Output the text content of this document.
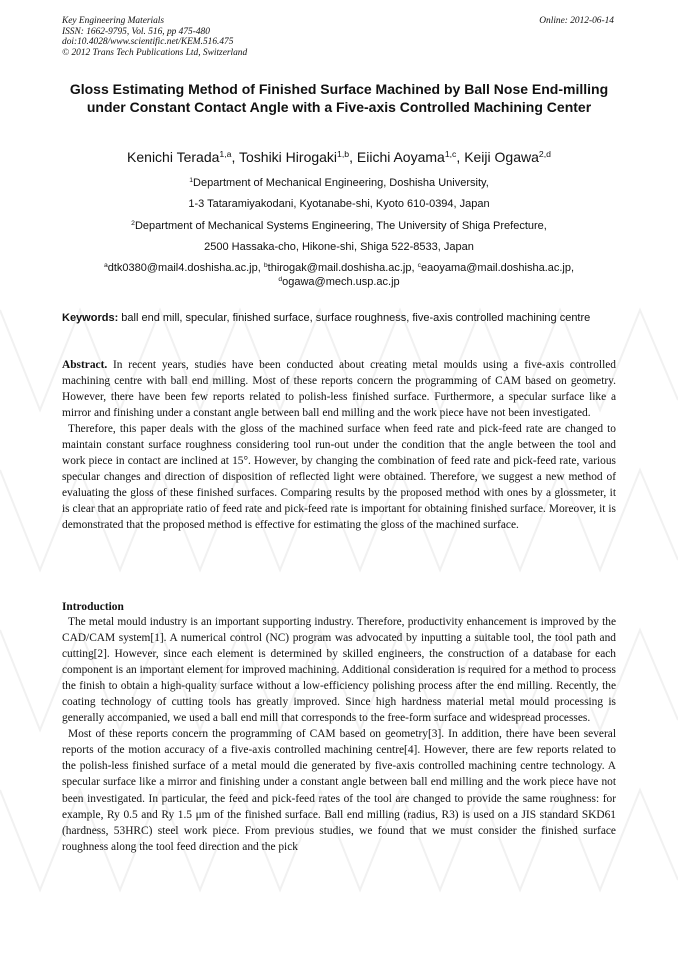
Key Engineering Materials
ISSN: 1662-9795, Vol. 516, pp 475-480
doi:10.4028/www.scientific.net/KEM.516.475
© 2012 Trans Tech Publications Ltd, Switzerland
Online: 2012-06-14
Gloss Estimating Method of Finished Surface Machined by Ball Nose End-milling under Constant Contact Angle with a Five-axis Controlled Machining Center
Kenichi Terada$^{1,a}$, Toshiki Hirogaki$^{1,b}$, Eiichi Aoyama$^{1,c}$, Keiji Ogawa$^{2,d}$
$^1$Department of Mechanical Engineering, Doshisha University,
1-3 Tataramiyakodani, Kyotanabe-shi, Kyoto 610-0394, Japan
$^2$Department of Mechanical Systems Engineering, The University of Shiga Prefecture,
2500 Hassaka-cho, Hikone-shi, Shiga 522-8533, Japan
$^a$dtk0380@mail4.doshisha.ac.jp, $^b$thirogak@mail.doshisha.ac.jp, $^c$eaoyama@mail.doshisha.ac.jp,
$^d$ogawa@mech.usp.ac.jp
Keywords: ball end mill, specular, finished surface, surface roughness, five-axis controlled machining centre

Abstract. In recent years, studies have been conducted about creating metal moulds using a five-axis controlled machining centre with ball end milling. Most of these reports concern the programming of CAM based on geometry. However, there have been few reports related to polish-less finished surface. Furthermore, a specular surface like a mirror and finishing under a constant angle between ball end milling and the work piece have not been investigated.

Therefore, this paper deals with the gloss of the machined surface when feed rate and pick-feed rate are changed to maintain constant surface roughness considering tool run-out under the condition that the angle between the tool and work piece in contact are inclined at 15°. However, by changing the combination of feed rate and pick-feed rate, various specular changes and direction of disposition of reflected light were obtained. Therefore, we suggest a new method of evaluating the gloss of these finished surfaces. Comparing results by the proposed method with ones by a glossmeter, it is clear that an appropriate ratio of feed rate and pick-feed rate is important for obtaining finished surface. Moreover, it is demonstrated that the proposed method is effective for estimating the gloss of the machined surface.

Introduction

The metal mould industry is an important supporting industry. Therefore, productivity enhancement is improved by the CAD/CAM system[1]. A numerical control (NC) program was advocated by inputting a suitable tool, the tool path and cutting[2]. However, since each element is determined by skilled engineers, the construction of a database for each component is an important element for improved machining. Additional consideration is required for a method to process the finish to obtain a high-quality surface without a low-efficiency polishing process after the end milling. Recently, the coating technology of cutting tools has greatly improved. Since high hardness material metal mould processing is generally accompanied, we used a ball end mill that corresponds to the free-form surface and widespread processes.

Most of these reports concern the programming of CAM based on geometry[3]. In addition, there have been several reports of the motion accuracy of a five-axis controlled machining centre[4]. However, there are few reports related to the polish-less finished surface of a metal mould die generated by five-axis controlled machining centre technology. A specular surface like a mirror and finishing under a constant angle between ball end milling and the work piece have not been investigated. In particular, the feed and pick-feed rates of the tool are changed to provide the same roughness: for example, Ry 0.5 and Ry 1.5 μm of the finished surface. Ball end milling (radius, R3) is used on a JIS standard SKD61 (hardness, 53HRC) steel work piece. From previous studies, we found that we must consider the finished surface roughness along the tool feed direction and the pick
